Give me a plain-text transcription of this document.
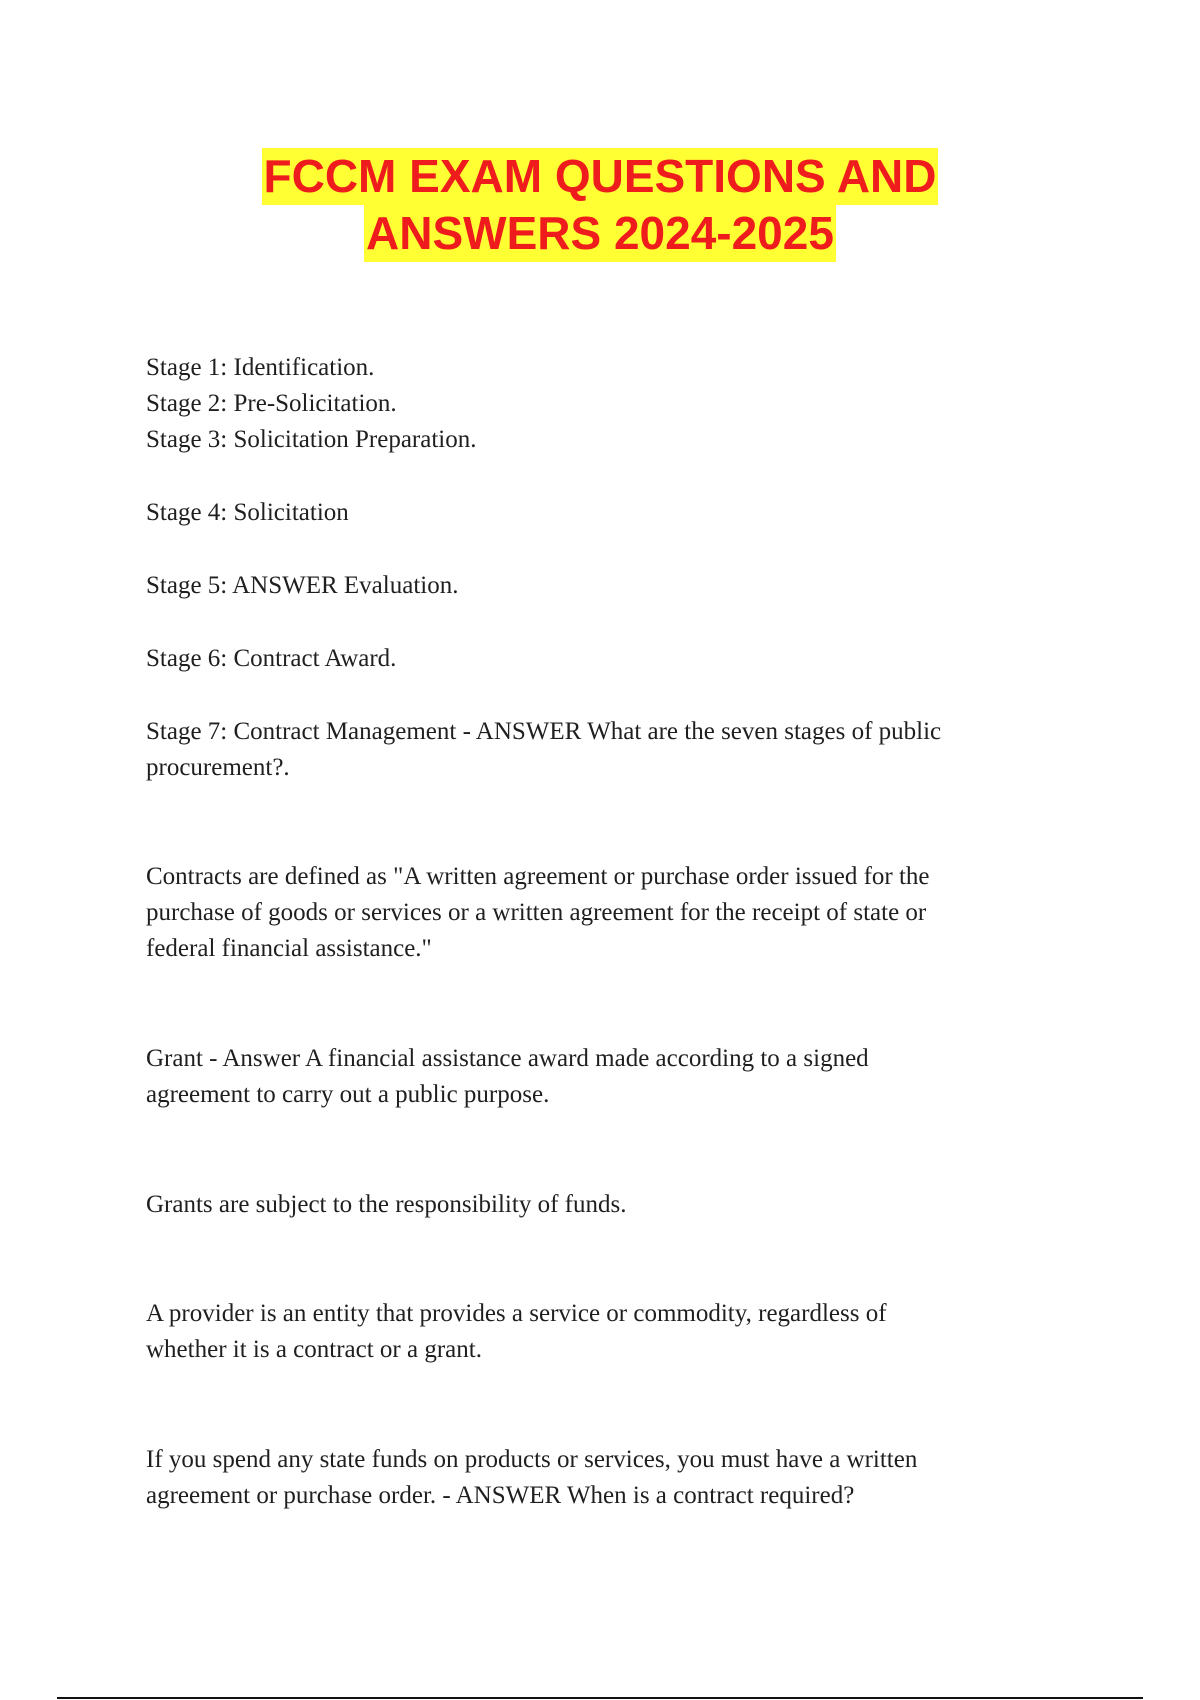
FCCM EXAM QUESTIONS AND
ANSWERS 2024-2025

Stage 1: Identification.

Stage 2: Pre-Solicitation.

Stage 3: Solicitation Preparation.

Stage 4: Solicitation

Stage 5: ANSWER Evaluation.

Stage 6: Contract Award.

Stage 7: Contract Management - ANSWER What are the seven stages of public

procurement?.

Contracts are defined as "A written agreement or purchase order issued for the

purchase of goods or services or a written agreement for the receipt of state or

federal financial assistance."

Grant - Answer A financial assistance award made according to a signed

agreement to carry out a public purpose.

Grants are subject to the responsibility of funds.

A provider is an entity that provides a service or commodity, regardless of

whether it is a contract or a grant.

If you spend any state funds on products or services, you must have a written

agreement or purchase order. - ANSWER When is a contract required?
